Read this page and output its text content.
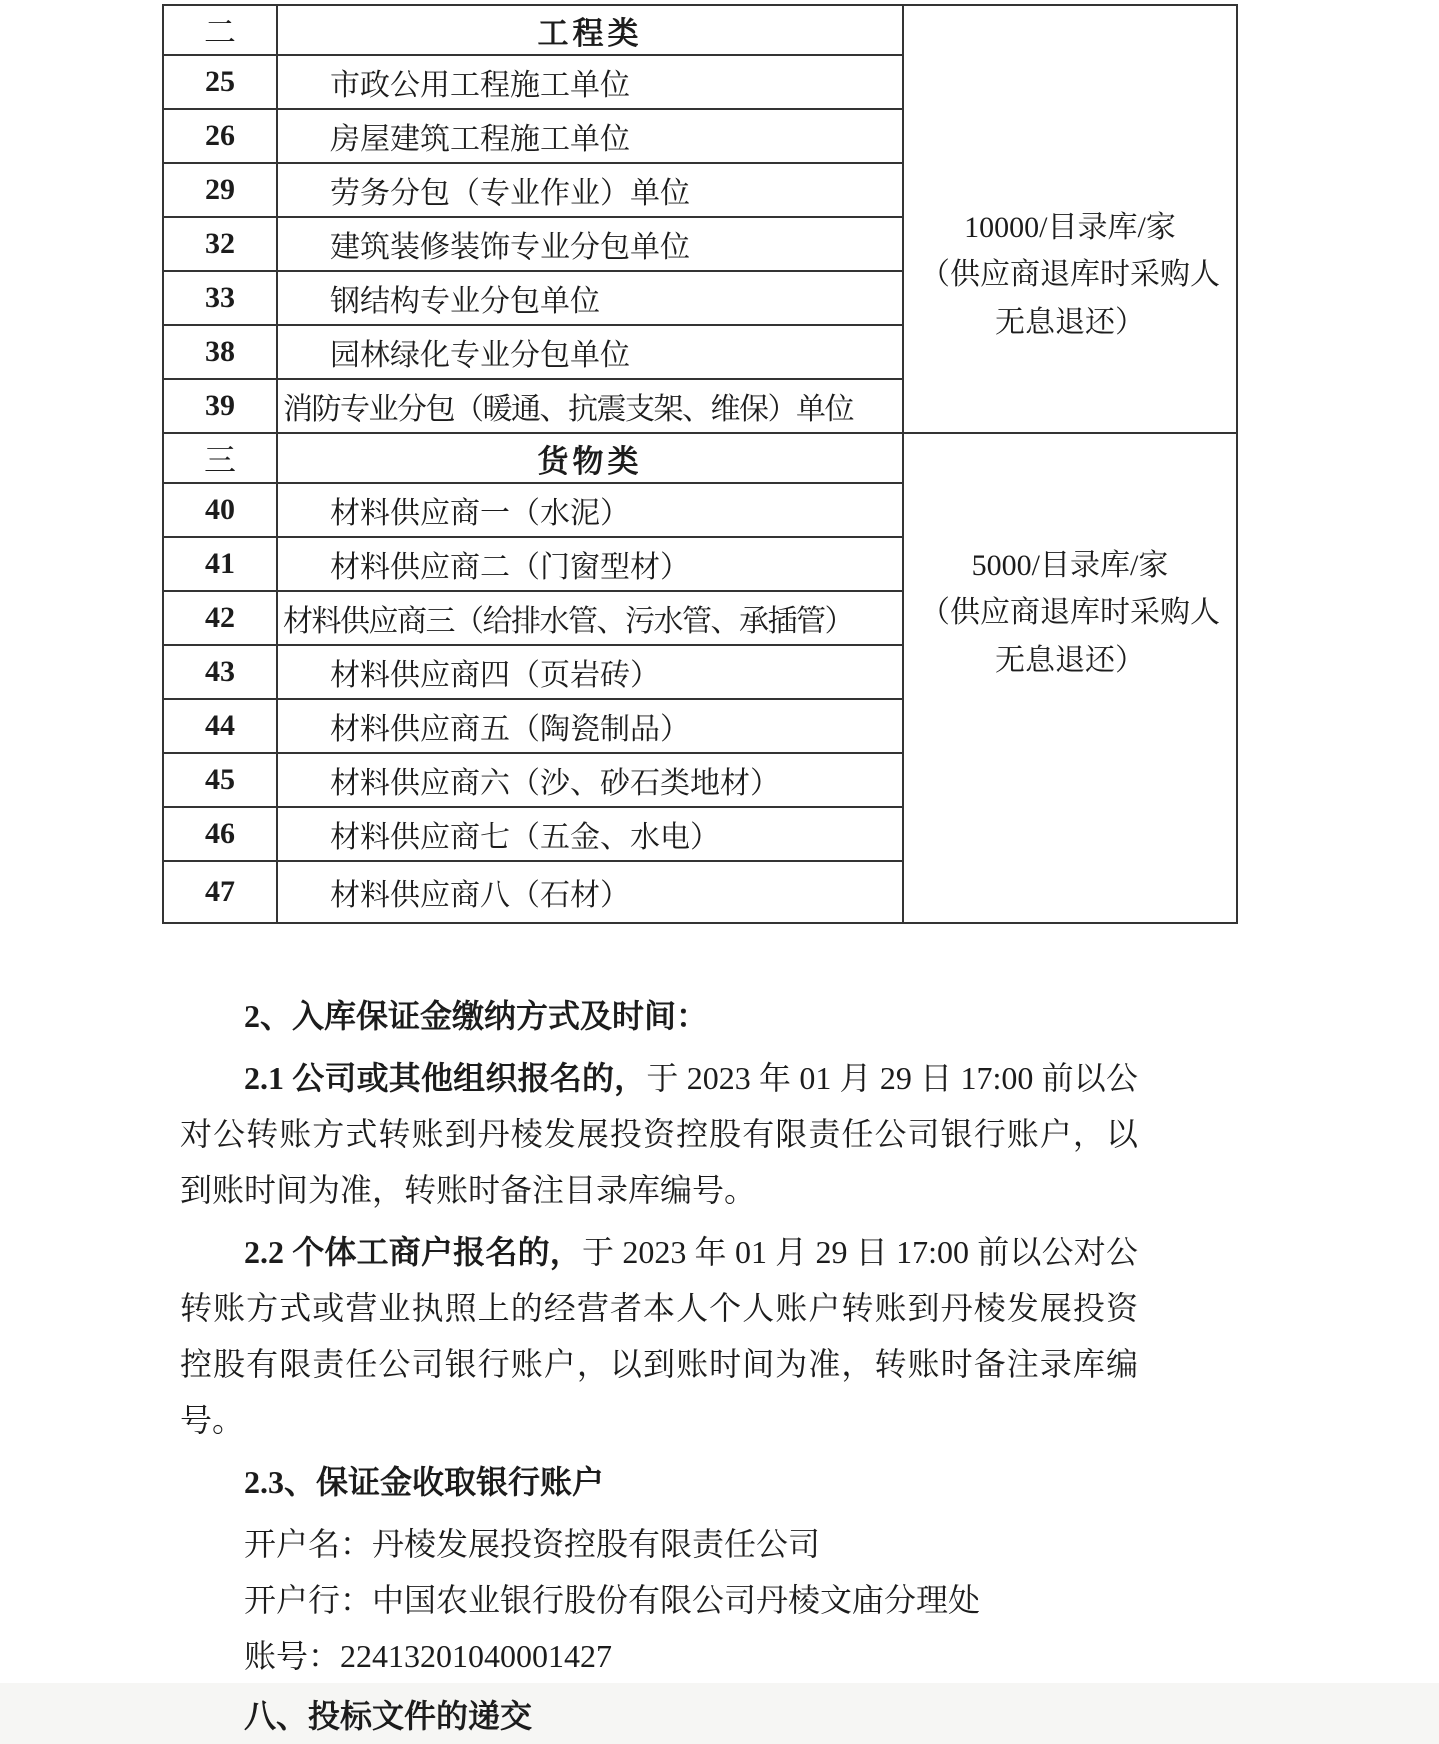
二	工程类	10000/目录库/家
（供应商退库时采购人无息退还）

25	市政公用工程施工单位	
26	房屋建筑工程施工单位	
29	劳务分包（专业作业）单位	
32	建筑装修装饰专业分包单位	
33	钢结构专业分包单位	
38	园林绿化专业分包单位	
39	消防专业分包（暖通、抗震支架、维保）单位	
三	货物类	5000/目录库/家
（供应商退库时采购人无息退还）

40	材料供应商一（水泥）	
41	材料供应商二（门窗型材）	
42	材料供应商三（给排水管、污水管、承插管）	
43	材料供应商四（页岩砖）	
44	材料供应商五（陶瓷制品）	
45	材料供应商六（沙、砂石类地材）	
46	材料供应商七（五金、水电）	
47	材料供应商八（石材）	

2、入库保证金缴纳方式及时间：

2.1 公司或其他组织报名的，于 2023 年 01 月 29 日 17:00 前以公对公转账方式转账到丹棱发展投资控股有限责任公司银行账户，以到账时间为准，转账时备注目录库编号。

2.2 个体工商户报名的，于 2023 年 01 月 29 日 17:00 前以公对公转账方式或营业执照上的经营者本人个人账户转账到丹棱发展投资控股有限责任公司银行账户，以到账时间为准，转账时备注录库编号。

2.3、保证金收取银行账户

开户名：丹棱发展投资控股有限责任公司

开户行：中国农业银行股份有限公司丹棱文庙分理处

账号：22413201040001427

八、投标文件的递交
